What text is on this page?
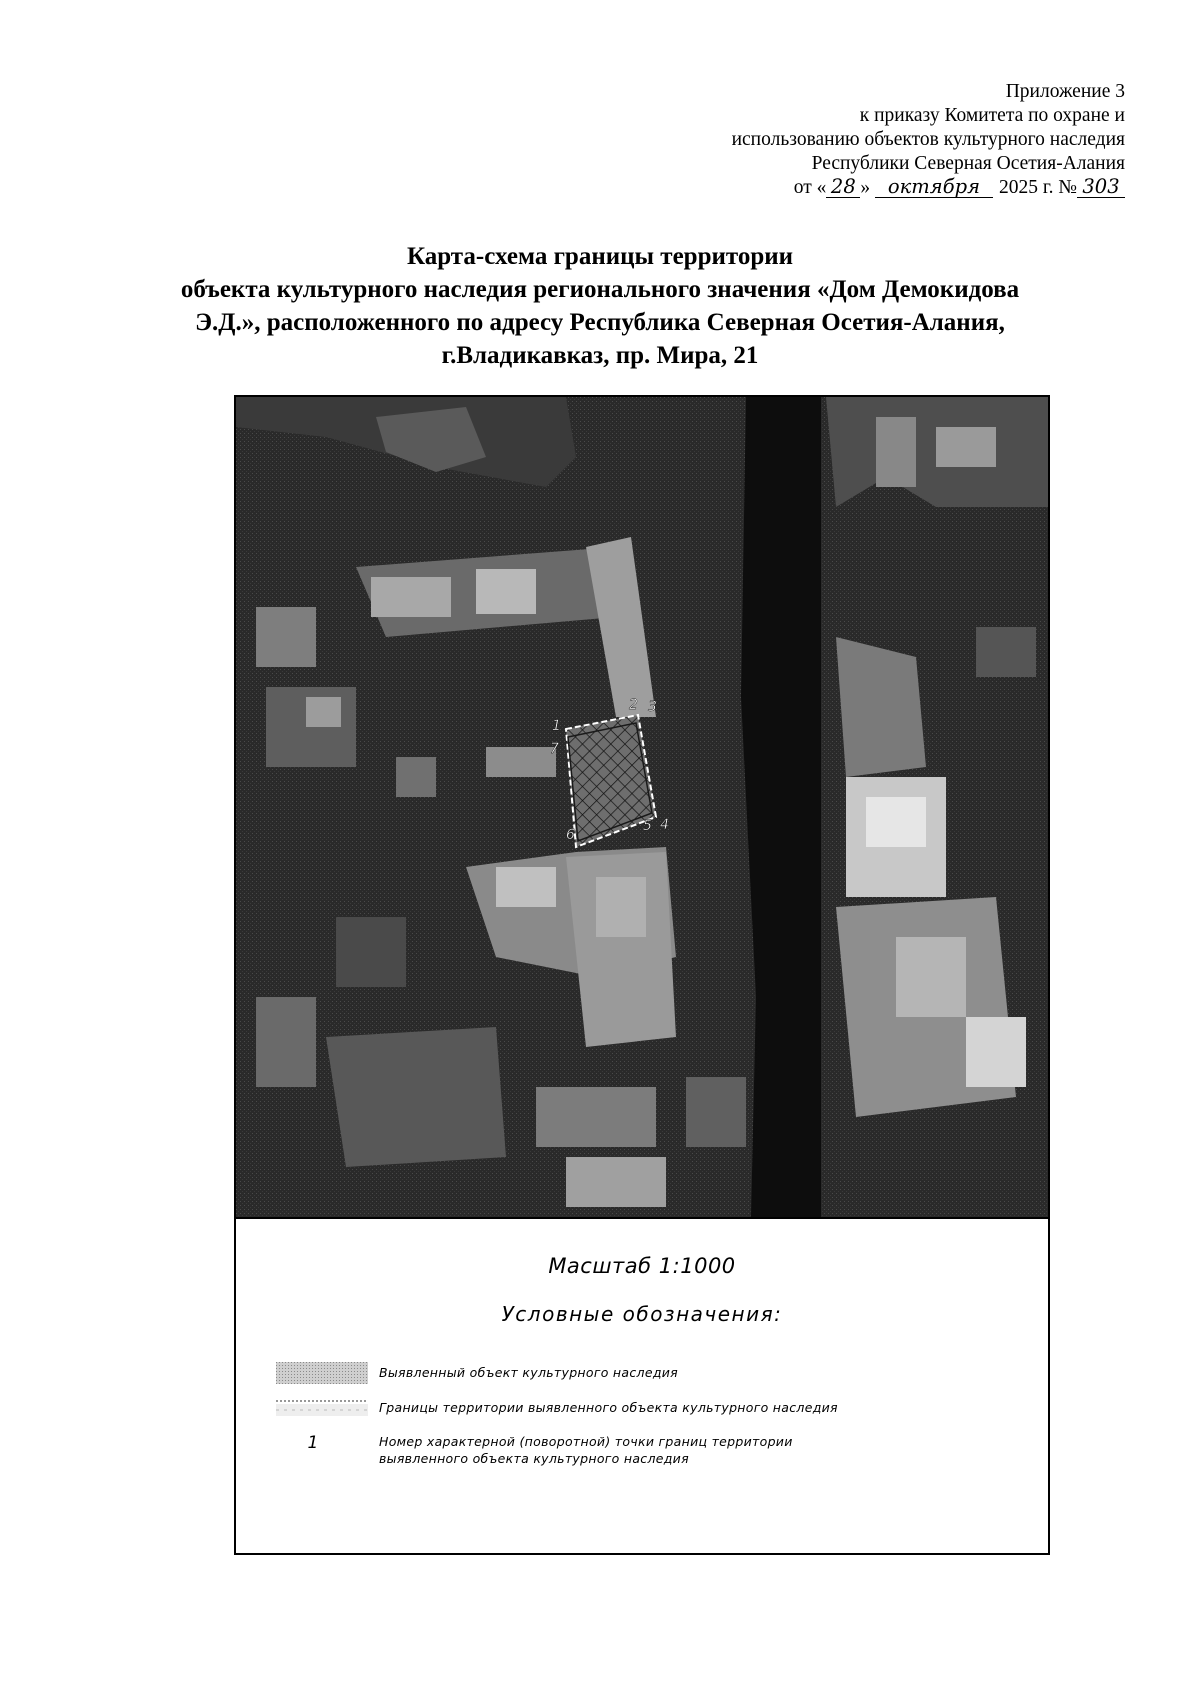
Приложение 3
к приказу Комитета по охране и
использованию объектов культурного наследия
Республики Северная Осетия-Алания
от « 28 » октября 2025 г. № 303
Карта-схема границы территории
объекта культурного наследия регионального значения «Дом Демокидова
Э.Д.», расположенного по адресу Республика Северная Осетия-Алания,
г.Владикавказ, пр. Мира, 21
1
2 3
4
5
6
7
Масштаб 1:1000
Условные обозначения:
Выявленный объект культурного наследия
Границы территории выявленного объекта культурного наследия
1	Номер характерной (поворотной) точки границ территории
выявленного объекта культурного наследия
